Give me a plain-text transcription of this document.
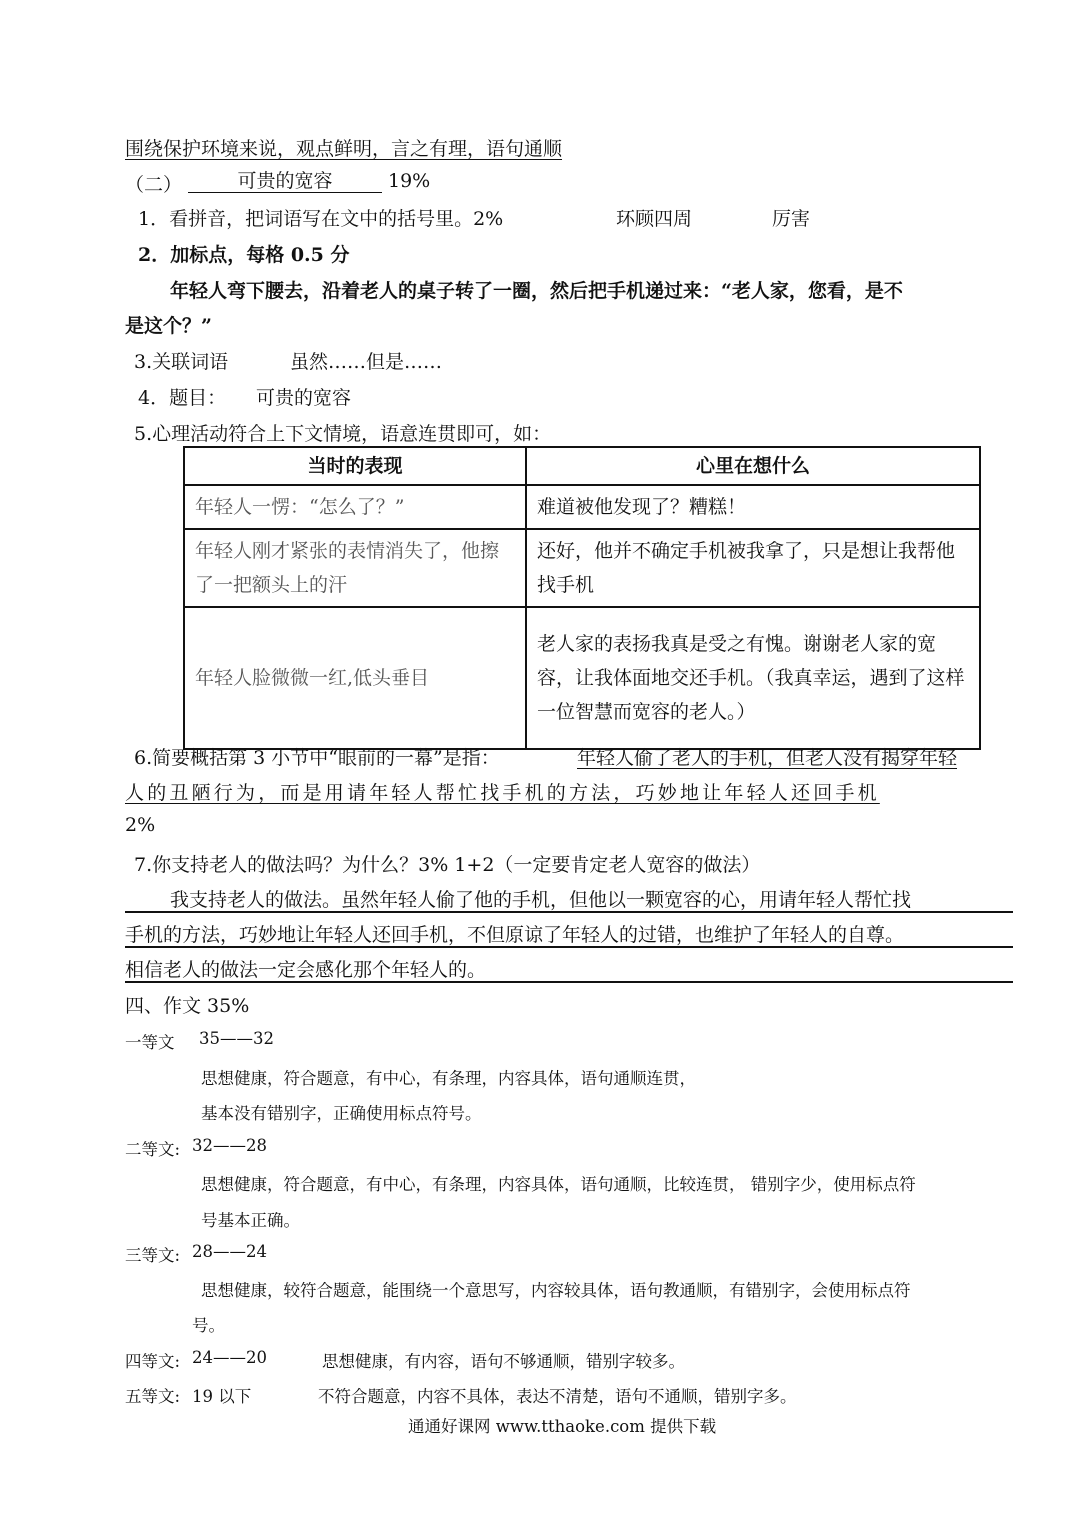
围绕保护环境来说，观点鲜明，言之有理，语句通顺
（二）	可贵的宽容	19%
1．看拼音，把词语写在文中的括号里。2%	环顾四周	厉害
2．加标点，每格 0.5 分
年轻人弯下腰去，沿着老人的桌子转了一圈，然后把手机递过来：“老人家，您看，是不
是这个？”
3.关联词语	虽然……但是……
4．题目： 可贵的宽容
5.心理活动符合上下文情境，语意连贯即可，如：
当时的表现	心里在想什么
年轻人一愣：“怎么了？”	难道被他发现了？糟糕！
年轻人刚才紧张的表情消失了，他擦了一把额头上的汗	还好，他并不确定手机被我拿了，只是想让我帮他找手机
年轻人脸微微一红,低头垂目	老人家的表扬我真是受之有愧。谢谢老人家的宽容，让我体面地交还手机。（我真幸运，遇到了这样一位智慧而宽容的老人。）
6.简要概括第 3 小节中“眼前的一幕”是指：	年轻人偷了老人的手机，但老人没有揭穿年轻
人的丑陋行为，而是用请年轻人帮忙找手机的方法，巧妙地让年轻人还回手机
2%
7.你支持老人的做法吗？为什么？3% 1+2（一定要肯定老人宽容的做法）
我支持老人的做法。虽然年轻人偷了他的手机，但他以一颗宽容的心，用请年轻人帮忙找
手机的方法，巧妙地让年轻人还回手机，不但原谅了年轻人的过错，也维护了年轻人的自尊。
相信老人的做法一定会感化那个年轻人的。
四、作文 35%
一等文 35——32
思想健康，符合题意，有中心，有条理，内容具体，语句通顺连贯，
基本没有错别字，正确使用标点符号。
二等文: 32——28
思想健康，符合题意，有中心，有条理，内容具体，语句通顺，比较连贯， 错别字少，使用标点符
号基本正确。
三等文: 28——24
思想健康，较符合题意，能围绕一个意思写，内容较具体，语句教通顺，有错别字，会使用标点符
号。
四等文: 24——20	思想健康，有内容，语句不够通顺，错别字较多。
五等文: 19 以下	不符合题意，内容不具体，表达不清楚，语句不通顺，错别字多。
通通好课网 www.tthaoke.com 提供下载
